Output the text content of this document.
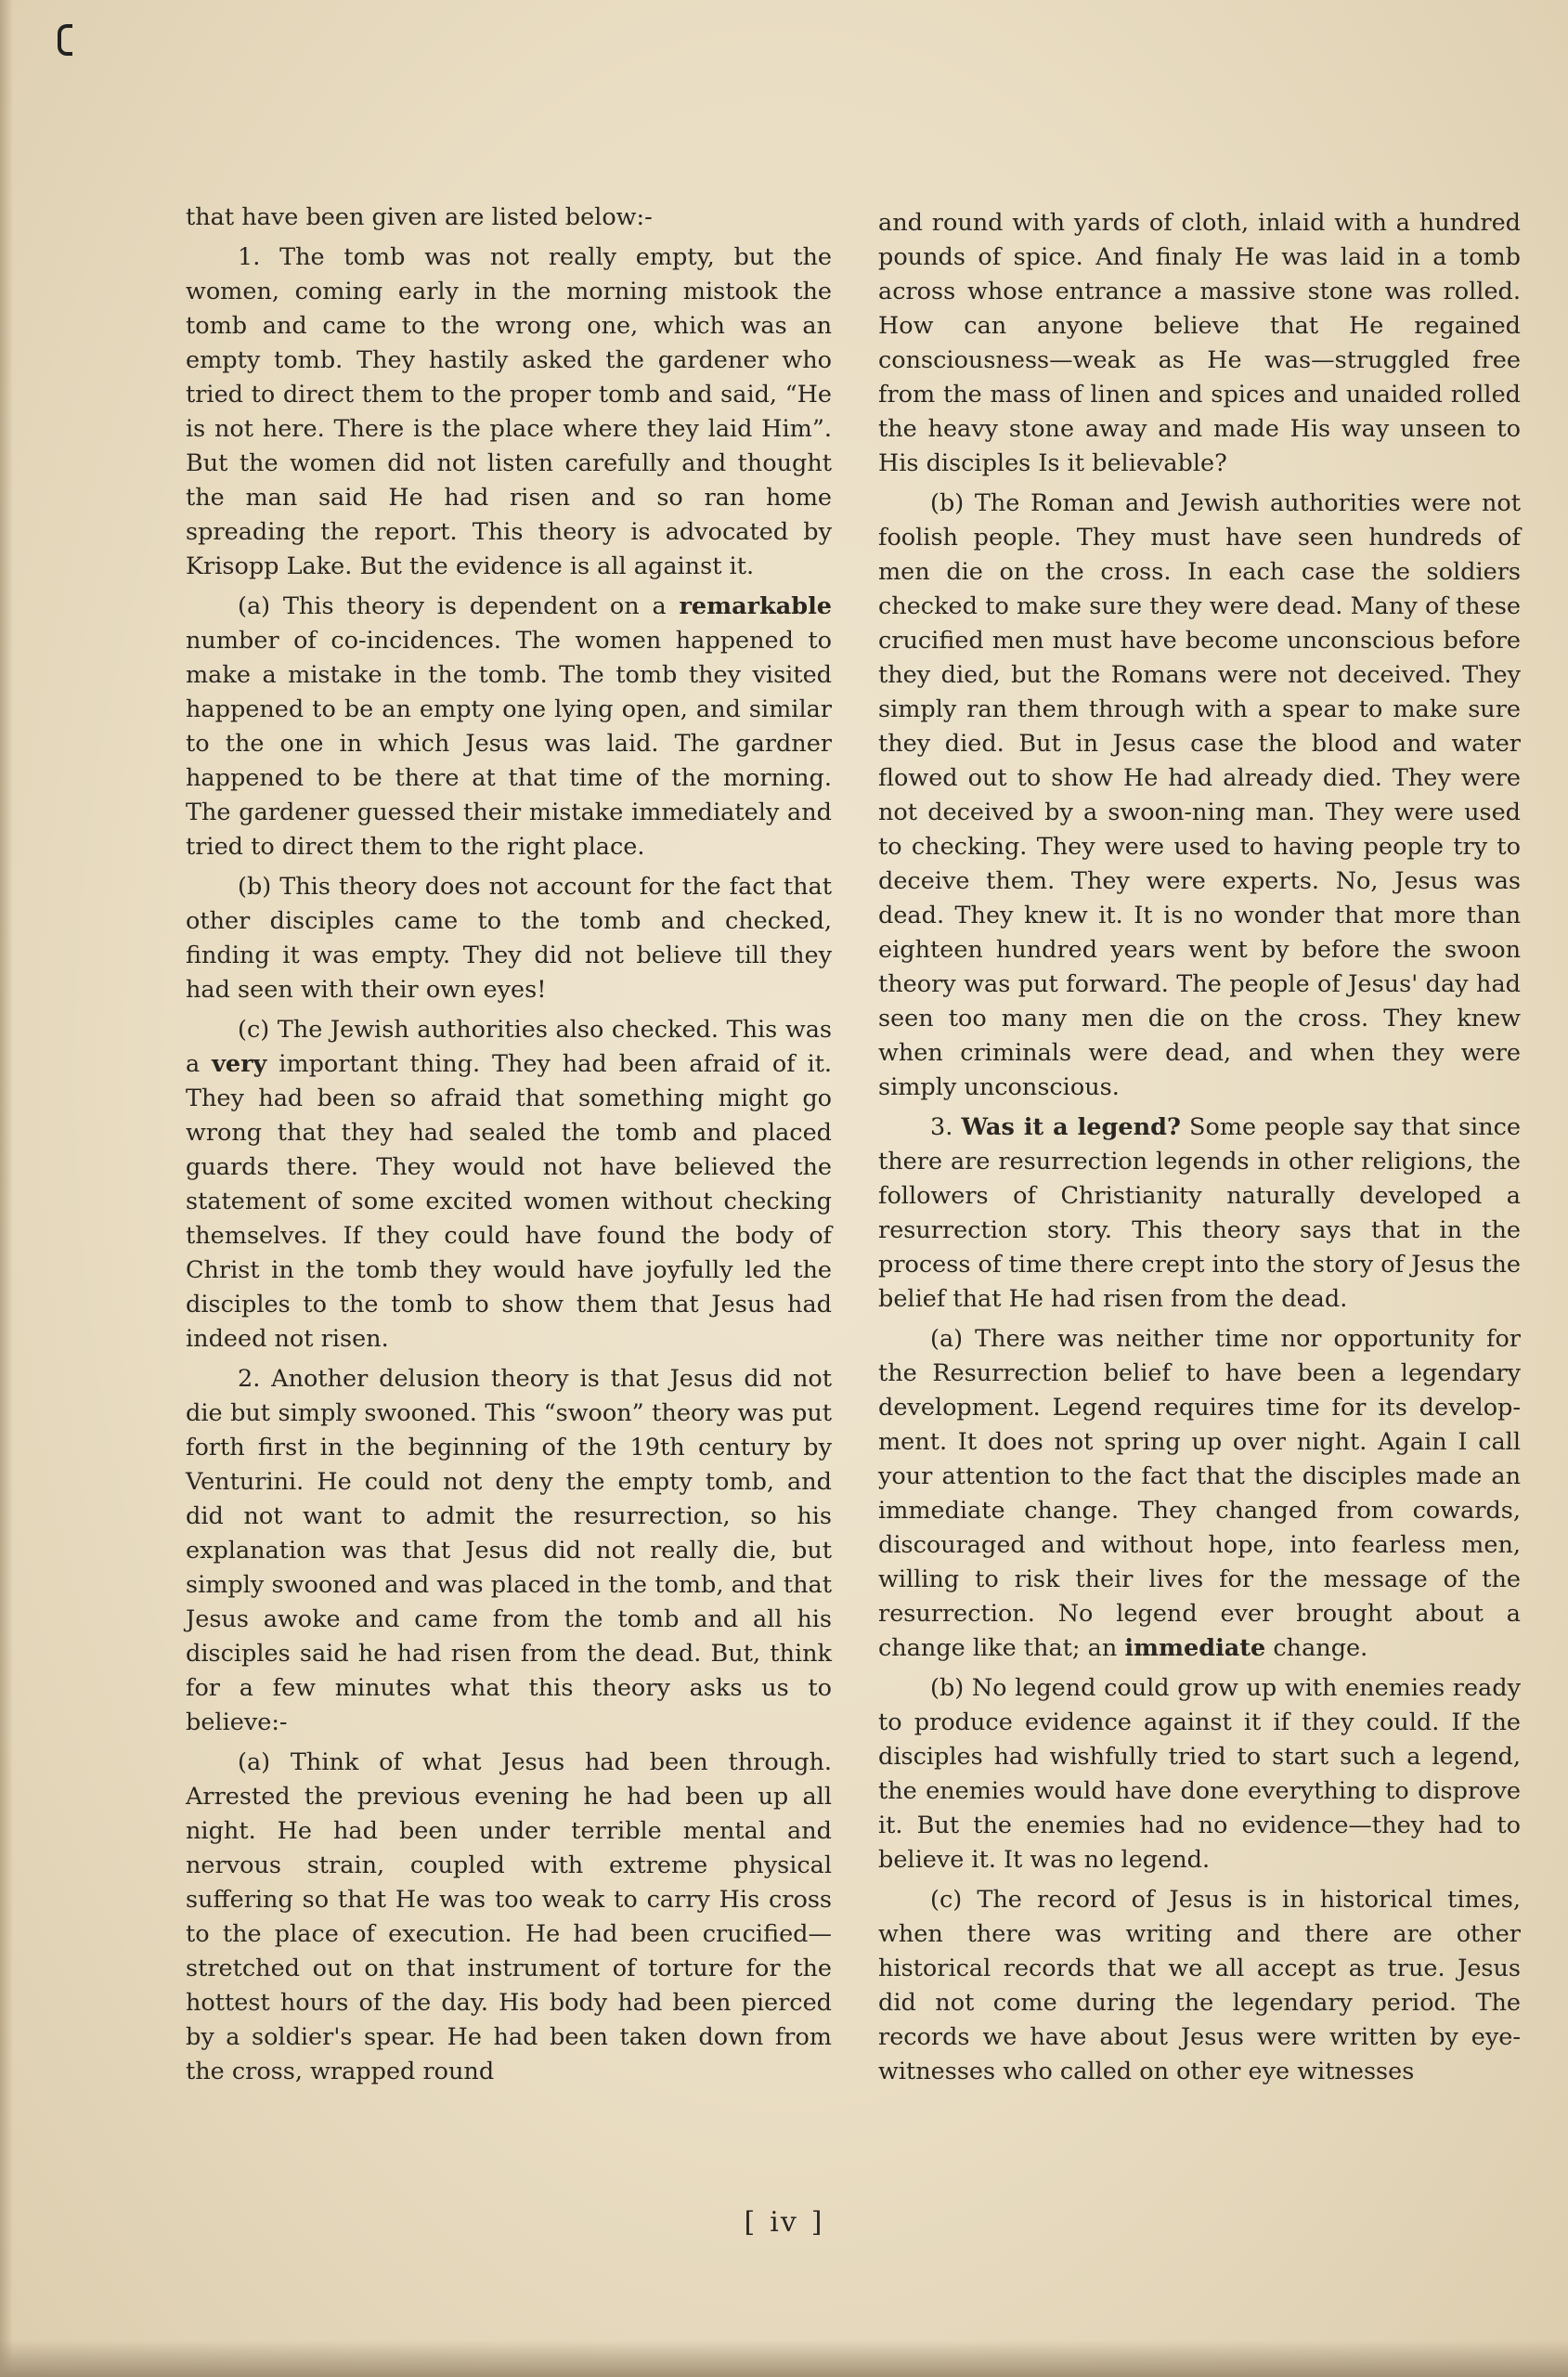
that have been given are listed below:-

1. The tomb was not really empty, but the women, coming early in the morning mistook the tomb and came to the wrong one, which was an empty tomb. They hastily asked the gardener who tried to direct them to the proper tomb and said, “He is not here. There is the place where they laid Him”. But the women did not listen carefully and thought the man said He had risen and so ran home spreading the report. This theory is advocated by Krisopp Lake. But the evidence is all against it.

(a) This theory is dependent on a remarkable number of co-incidences. The women happened to make a mistake in the tomb. The tomb they visited happened to be an empty one lying open, and similar to the one in which Jesus was laid. The gardner happened to be there at that time of the morning. The gardener guessed their mistake immediately and tried to direct them to the right place.

(b) This theory does not account for the fact that other disciples came to the tomb and checked, finding it was empty. They did not believe till they had seen with their own eyes!

(c) The Jewish authorities also checked. This was a very important thing. They had been afraid of it. They had been so afraid that something might go wrong that they had sealed the tomb and placed guards there. They would not have believed the statement of some excited women without checking themselves. If they could have found the body of Christ in the tomb they would have joyfully led the disciples to the tomb to show them that Jesus had indeed not risen.

2. Another delusion theory is that Jesus did not die but simply swooned. This “swoon” theory was put forth first in the beginning of the 19th century by Venturini. He could not deny the empty tomb, and did not want to admit the resurrection, so his explanation was that Jesus did not really die, but simply swooned and was placed in the tomb, and that Jesus awoke and came from the tomb and all his disciples said he had risen from the dead. But, think for a few minutes what this theory asks us to believe:-

(a) Think of what Jesus had been through. Arrested the previous evening he had been up all night. He had been under terrible mental and nervous strain, coupled with extreme physical suffering so that He was too weak to carry His cross to the place of execution. He had been crucified—stretched out on that instrument of torture for the hottest hours of the day. His body had been pierced by a soldier's spear. He had been taken down from the cross, wrapped round

and round with yards of cloth, inlaid with a hundred pounds of spice. And finaly He was laid in a tomb across whose entrance a massive stone was rolled. How can anyone believe that He regained consciousness—weak as He was—struggled free from the mass of linen and spices and unaided rolled the heavy stone away and made His way unseen to His disciples Is it believable?

(b) The Roman and Jewish authorities were not foolish people. They must have seen hundreds of men die on the cross. In each case the soldiers checked to make sure they were dead. Many of these crucified men must have become unconscious before they died, but the Romans were not deceived. They simply ran them through with a spear to make sure they died. But in Jesus case the blood and water flowed out to show He had already died. They were not deceived by a swoon-ning man. They were used to checking. They were used to having people try to deceive them. They were experts. No, Jesus was dead. They knew it. It is no wonder that more than eighteen hundred years went by before the swoon theory was put forward. The people of Jesus' day had seen too many men die on the cross. They knew when criminals were dead, and when they were simply unconscious.

3. Was it a legend? Some people say that since there are resurrection legends in other religions, the followers of Christianity naturally developed a resurrection story. This theory says that in the process of time there crept into the story of Jesus the belief that He had risen from the dead.

(a) There was neither time nor opportunity for the Resurrection belief to have been a legendary development. Legend requires time for its develop-ment. It does not spring up over night. Again I call your attention to the fact that the disciples made an immediate change. They changed from cowards, discouraged and without hope, into fearless men, willing to risk their lives for the message of the resurrection. No legend ever brought about a change like that; an immediate change.

(b) No legend could grow up with enemies ready to produce evidence against it if they could. If the disciples had wishfully tried to start such a legend, the enemies would have done everything to disprove it. But the enemies had no evidence—they had to believe it. It was no legend.

(c) The record of Jesus is in historical times, when there was writing and there are other historical records that we all accept as true. Jesus did not come during the legendary period. The records we have about Jesus were written by eye-witnesses who called on other eye witnesses

[ iv ]
